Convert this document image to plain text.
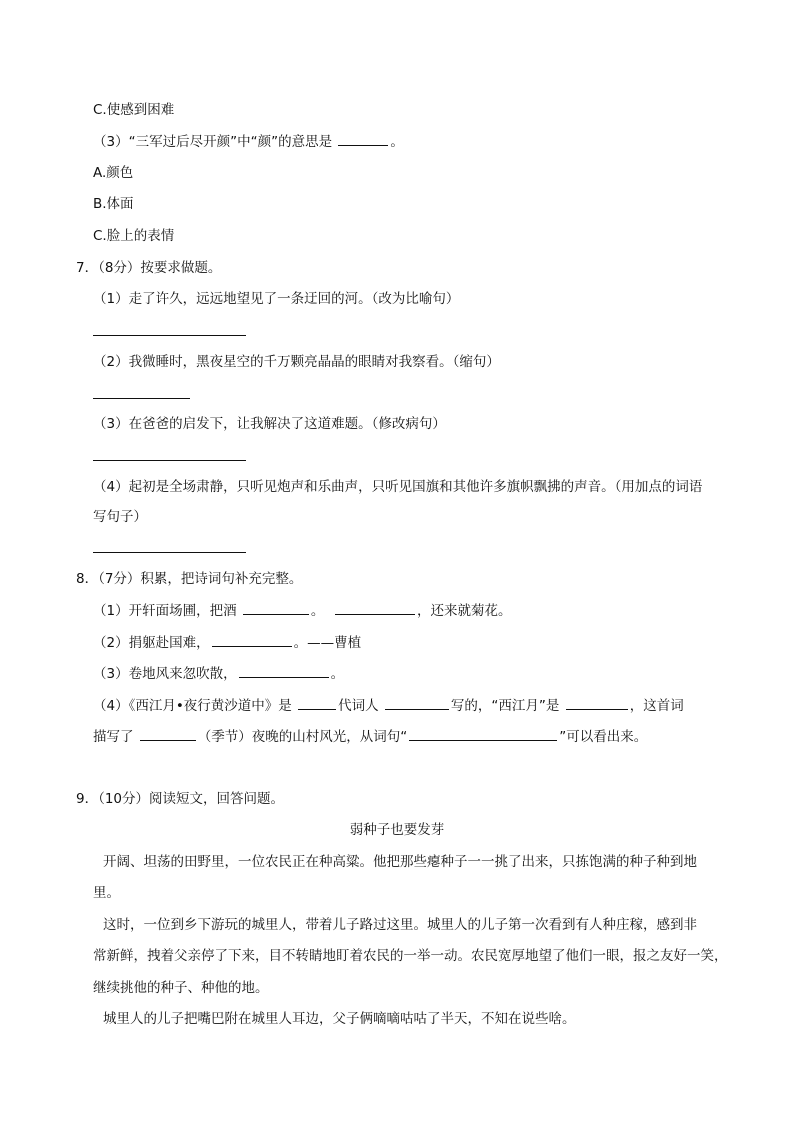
C.使感到困难
（3）“三军过后尽开颜”中“颜”的意思是	。
A.颜色
B.体面
C.脸上的表情
7．（8分）按要求做题。
（1）走了许久，远远地望见了一条迂回的河。（改为比喻句）
（2）我微睡时，黑夜星空的千万颗亮晶晶的眼睛对我察看。（缩句）
（3）在爸爸的启发下，让我解决了这道难题。（修改病句）
（4）起初是全场肃静，只听见炮声和乐曲声，只听见国旗和其他许多旗帜飘拂的声音。（用加点的词语
写句子）
8．（7分）积累，把诗词句补充完整。
（1）开轩面场圃，把酒	。	，还来就菊花。
（2）捐躯赴国难，	。——曹植
（3）卷地风来忽吹散，	。
（4）《西江月•夜行黄沙道中》是	代词人	写的，“西江月”是	，这首词
描写了	（季节）夜晚的山村风光，从词句“	”可以看出来。
9．（10分）阅读短文，回答问题。
弱种子也要发芽
开阔、坦荡的田野里，一位农民正在种高粱。他把那些瘪种子一一挑了出来，只拣饱满的种子种到地
里。
这时，一位到乡下游玩的城里人，带着儿子路过这里。城里人的儿子第一次看到有人种庄稼，感到非
常新鲜，拽着父亲停了下来，目不转睛地盯着农民的一举一动。农民宽厚地望了他们一眼，报之友好一笑，
继续挑他的种子、种他的地。
城里人的儿子把嘴巴附在城里人耳边，父子俩嘀嘀咕咕了半天，不知在说些啥。
